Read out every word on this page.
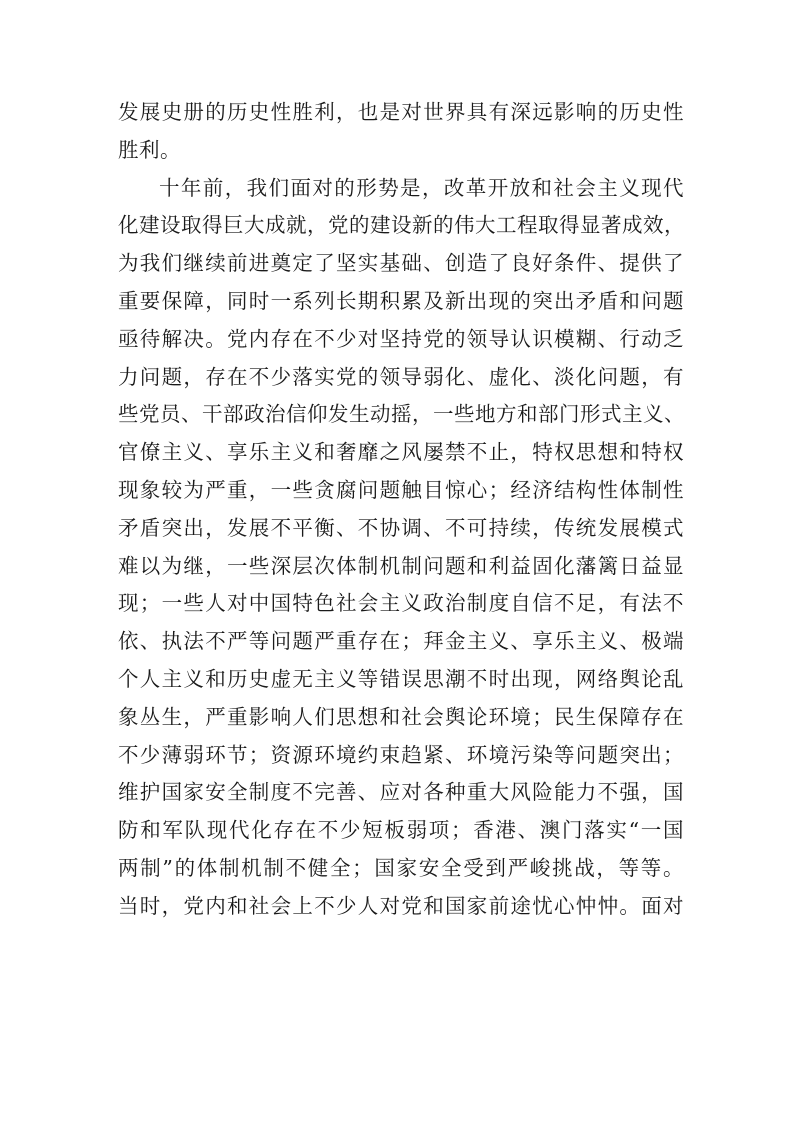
发展史册的历史性胜利，也是对世界具有深远影响的历史性
胜利。
十年前，我们面对的形势是，改革开放和社会主义现代
化建设取得巨大成就，党的建设新的伟大工程取得显著成效，
为我们继续前进奠定了坚实基础、创造了良好条件、提供了
重要保障，同时一系列长期积累及新出现的突出矛盾和问题
亟待解决。党内存在不少对坚持党的领导认识模糊、行动乏
力问题，存在不少落实党的领导弱化、虚化、淡化问题，有
些党员、干部政治信仰发生动摇，一些地方和部门形式主义、
官僚主义、享乐主义和奢靡之风屡禁不止，特权思想和特权
现象较为严重，一些贪腐问题触目惊心；经济结构性体制性
矛盾突出，发展不平衡、不协调、不可持续，传统发展模式
难以为继，一些深层次体制机制问题和利益固化藩篱日益显
现；一些人对中国特色社会主义政治制度自信不足，有法不
依、执法不严等问题严重存在；拜金主义、享乐主义、极端
个人主义和历史虚无主义等错误思潮不时出现，网络舆论乱
象丛生，严重影响人们思想和社会舆论环境；民生保障存在
不少薄弱环节；资源环境约束趋紧、环境污染等问题突出；
维护国家安全制度不完善、应对各种重大风险能力不强，国
防和军队现代化存在不少短板弱项；香港、澳门落实“一国
两制”的体制机制不健全；国家安全受到严峻挑战，等等。
当时，党内和社会上不少人对党和国家前途忧心忡忡。面对
